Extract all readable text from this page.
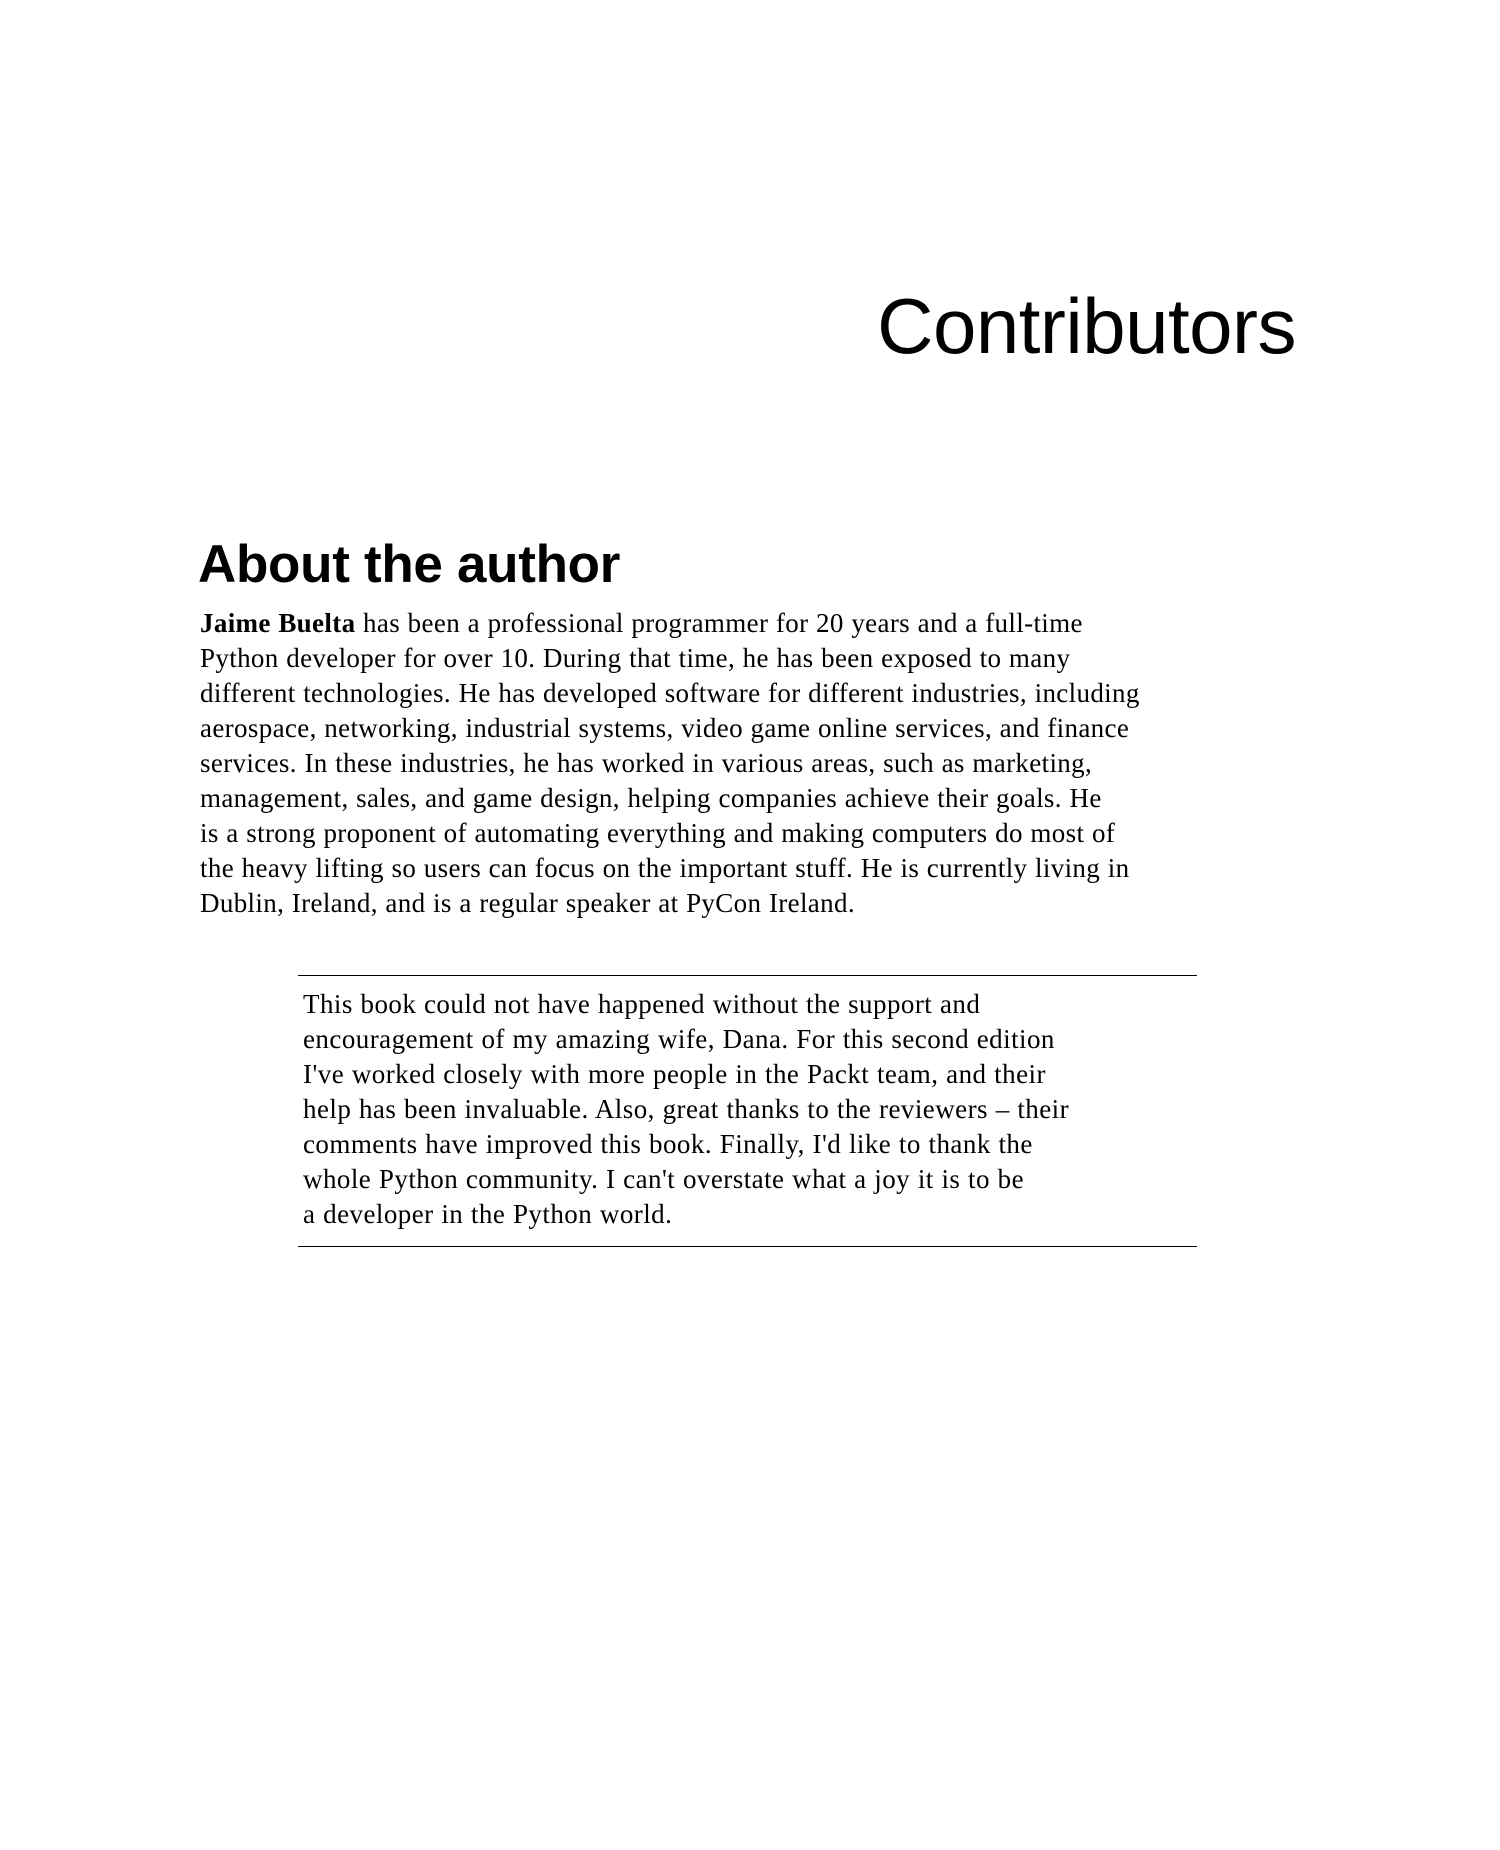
Contributors
About the author
Jaime Buelta has been a professional programmer for 20 years and a full-time
Python developer for over 10. During that time, he has been exposed to many
different technologies. He has developed software for different industries, including
aerospace, networking, industrial systems, video game online services, and finance
services. In these industries, he has worked in various areas, such as marketing,
management, sales, and game design, helping companies achieve their goals. He
is a strong proponent of automating everything and making computers do most of
the heavy lifting so users can focus on the important stuff. He is currently living in
Dublin, Ireland, and is a regular speaker at PyCon Ireland.
This book could not have happened without the support and
encouragement of my amazing wife, Dana. For this second edition
I've worked closely with more people in the Packt team, and their
help has been invaluable. Also, great thanks to the reviewers – their
comments have improved this book. Finally, I'd like to thank the
whole Python community. I can't overstate what a joy it is to be
a developer in the Python world.
